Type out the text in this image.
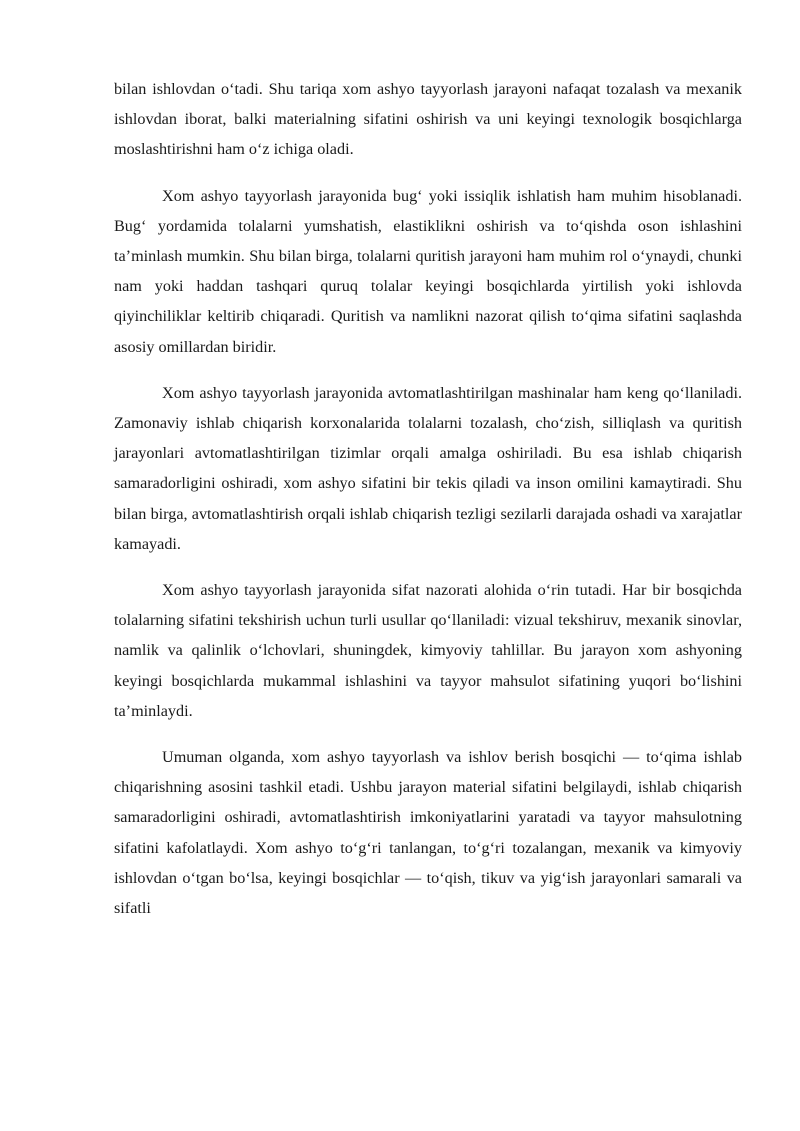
bilan ishlovdan o‘tadi. Shu tariqa xom ashyo tayyorlash jarayoni nafaqat tozalash va mexanik ishlovdan iborat, balki materialning sifatini oshirish va uni keyingi texnologik bosqichlarga moslashtirishni ham o‘z ichiga oladi.

Xom ashyo tayyorlash jarayonida bug‘ yoki issiqlik ishlatish ham muhim hisoblanadi. Bug‘ yordamida tolalarni yumshatish, elastiklikni oshirish va to‘qishda oson ishlashini ta’minlash mumkin. Shu bilan birga, tolalarni quritish jarayoni ham muhim rol o‘ynaydi, chunki nam yoki haddan tashqari quruq tolalar keyingi bosqichlarda yirtilish yoki ishlovda qiyinchiliklar keltirib chiqaradi. Quritish va namlikni nazorat qilish to‘qima sifatini saqlashda asosiy omillardan biridir.

Xom ashyo tayyorlash jarayonida avtomatlashtirilgan mashinalar ham keng qo‘llaniladi. Zamonaviy ishlab chiqarish korxonalarida tolalarni tozalash, cho‘zish, silliqlash va quritish jarayonlari avtomatlashtirilgan tizimlar orqali amalga oshiriladi. Bu esa ishlab chiqarish samaradorligini oshiradi, xom ashyo sifatini bir tekis qiladi va inson omilini kamaytiradi. Shu bilan birga, avtomatlashtirish orqali ishlab chiqarish tezligi sezilarli darajada oshadi va xarajatlar kamayadi.

Xom ashyo tayyorlash jarayonida sifat nazorati alohida o‘rin tutadi. Har bir bosqichda tolalarning sifatini tekshirish uchun turli usullar qo‘llaniladi: vizual tekshiruv, mexanik sinovlar, namlik va qalinlik o‘lchovlari, shuningdek, kimyoviy tahlillar. Bu jarayon xom ashyoning keyingi bosqichlarda mukammal ishlashini va tayyor mahsulot sifatining yuqori bo‘lishini ta’minlaydi.

Umuman olganda, xom ashyo tayyorlash va ishlov berish bosqichi — to‘qima ishlab chiqarishning asosini tashkil etadi. Ushbu jarayon material sifatini belgilaydi, ishlab chiqarish samaradorligini oshiradi, avtomatlashtirish imkoniyatlarini yaratadi va tayyor mahsulotning sifatini kafolatlaydi. Xom ashyo to‘g‘ri tanlangan, to‘g‘ri tozalangan, mexanik va kimyoviy ishlovdan o‘tgan bo‘lsa, keyingi bosqichlar — to‘qish, tikuv va yig‘ish jarayonlari samarali va sifatli
